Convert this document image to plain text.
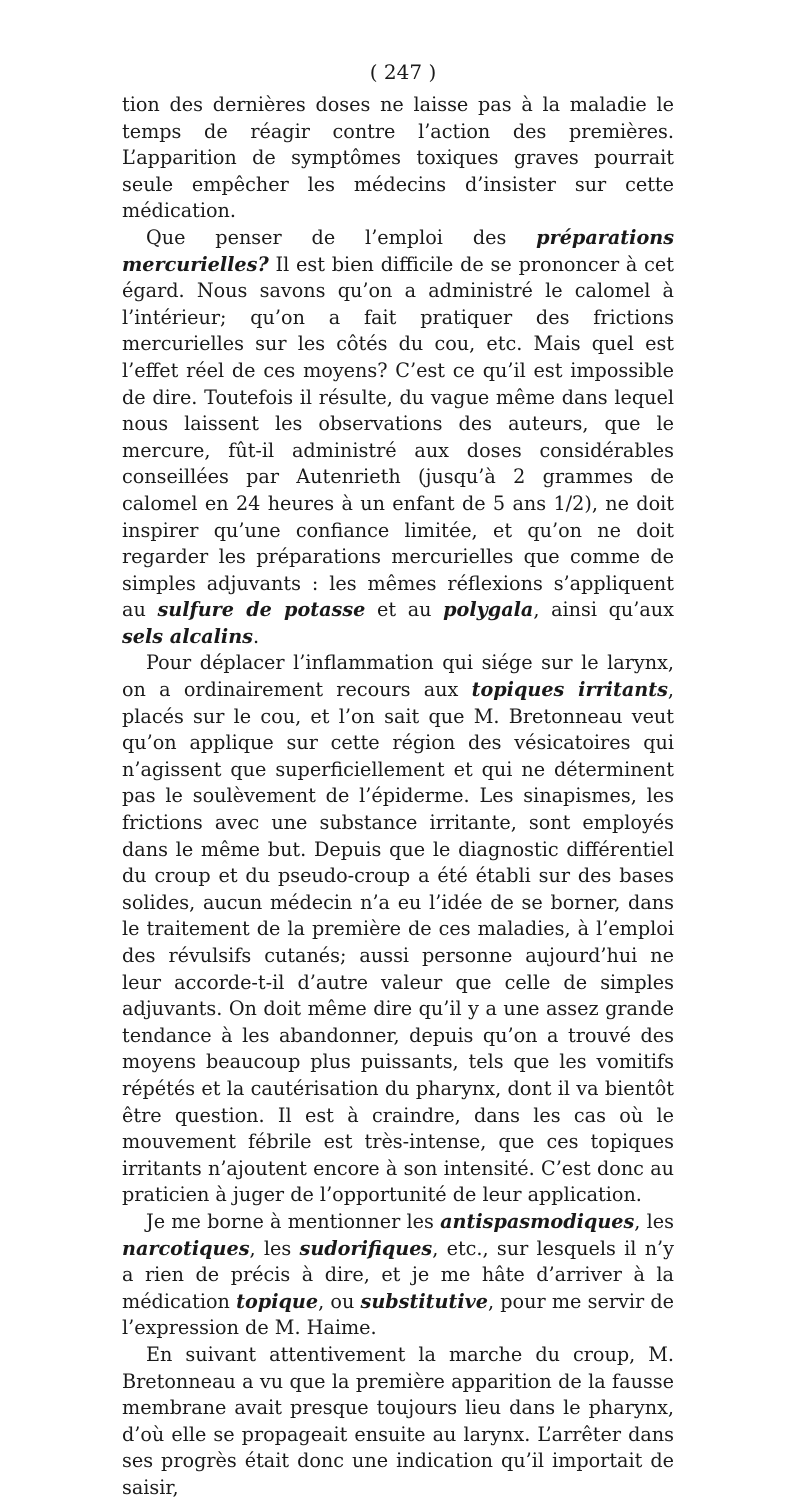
( 247 )

tion des dernières doses ne laisse pas à la maladie le temps de réagir contre l’action des premières. L’apparition de symptômes toxiques graves pourrait seule empêcher les médecins d’insister sur cette médication.

Que penser de l’emploi des préparations mercurielles? Il est bien difficile de se prononcer à cet égard. Nous savons qu’on a administré le calomel à l’intérieur; qu’on a fait pratiquer des frictions mercurielles sur les côtés du cou, etc. Mais quel est l’effet réel de ces moyens? C’est ce qu’il est impossible de dire. Toutefois il résulte, du vague même dans lequel nous laissent les observations des auteurs, que le mercure, fût-il administré aux doses considérables conseillées par Autenrieth (jusqu’à 2 grammes de calomel en 24 heures à un enfant de 5 ans 1/2), ne doit inspirer qu’une confiance limitée, et qu’on ne doit regarder les préparations mercurielles que comme de simples adjuvants : les mêmes réflexions s’appliquent au sulfure de potasse et au polygala, ainsi qu’aux sels alcalins.

Pour déplacer l’inflammation qui siége sur le larynx, on a ordinairement recours aux topiques irritants, placés sur le cou, et l’on sait que M. Bretonneau veut qu’on applique sur cette région des vésicatoires qui n’agissent que superficiellement et qui ne déterminent pas le soulèvement de l’épiderme. Les sinapismes, les frictions avec une substance irritante, sont employés dans le même but. Depuis que le diagnostic différentiel du croup et du pseudo-croup a été établi sur des bases solides, aucun médecin n’a eu l’idée de se borner, dans le traitement de la première de ces maladies, à l’emploi des révulsifs cutanés; aussi personne aujourd’hui ne leur accorde-t-il d’autre valeur que celle de simples adjuvants. On doit même dire qu’il y a une assez grande tendance à les abandonner, depuis qu’on a trouvé des moyens beaucoup plus puissants, tels que les vomitifs répétés et la cautérisation du pharynx, dont il va bientôt être question. Il est à craindre, dans les cas où le mouvement fébrile est très-intense, que ces topiques irritants n’ajoutent encore à son intensité. C’est donc au praticien à juger de l’opportunité de leur application.

Je me borne à mentionner les antispasmodiques, les narcotiques, les sudorifiques, etc., sur lesquels il n’y a rien de précis à dire, et je me hâte d’arriver à la médication topique, ou substitutive, pour me servir de l’expression de M. Haime.

En suivant attentivement la marche du croup, M. Bretonneau a vu que la première apparition de la fausse membrane avait presque toujours lieu dans le pharynx, d’où elle se propageait ensuite au larynx. L’arrêter dans ses progrès était donc une indication qu’il importait de saisir,
